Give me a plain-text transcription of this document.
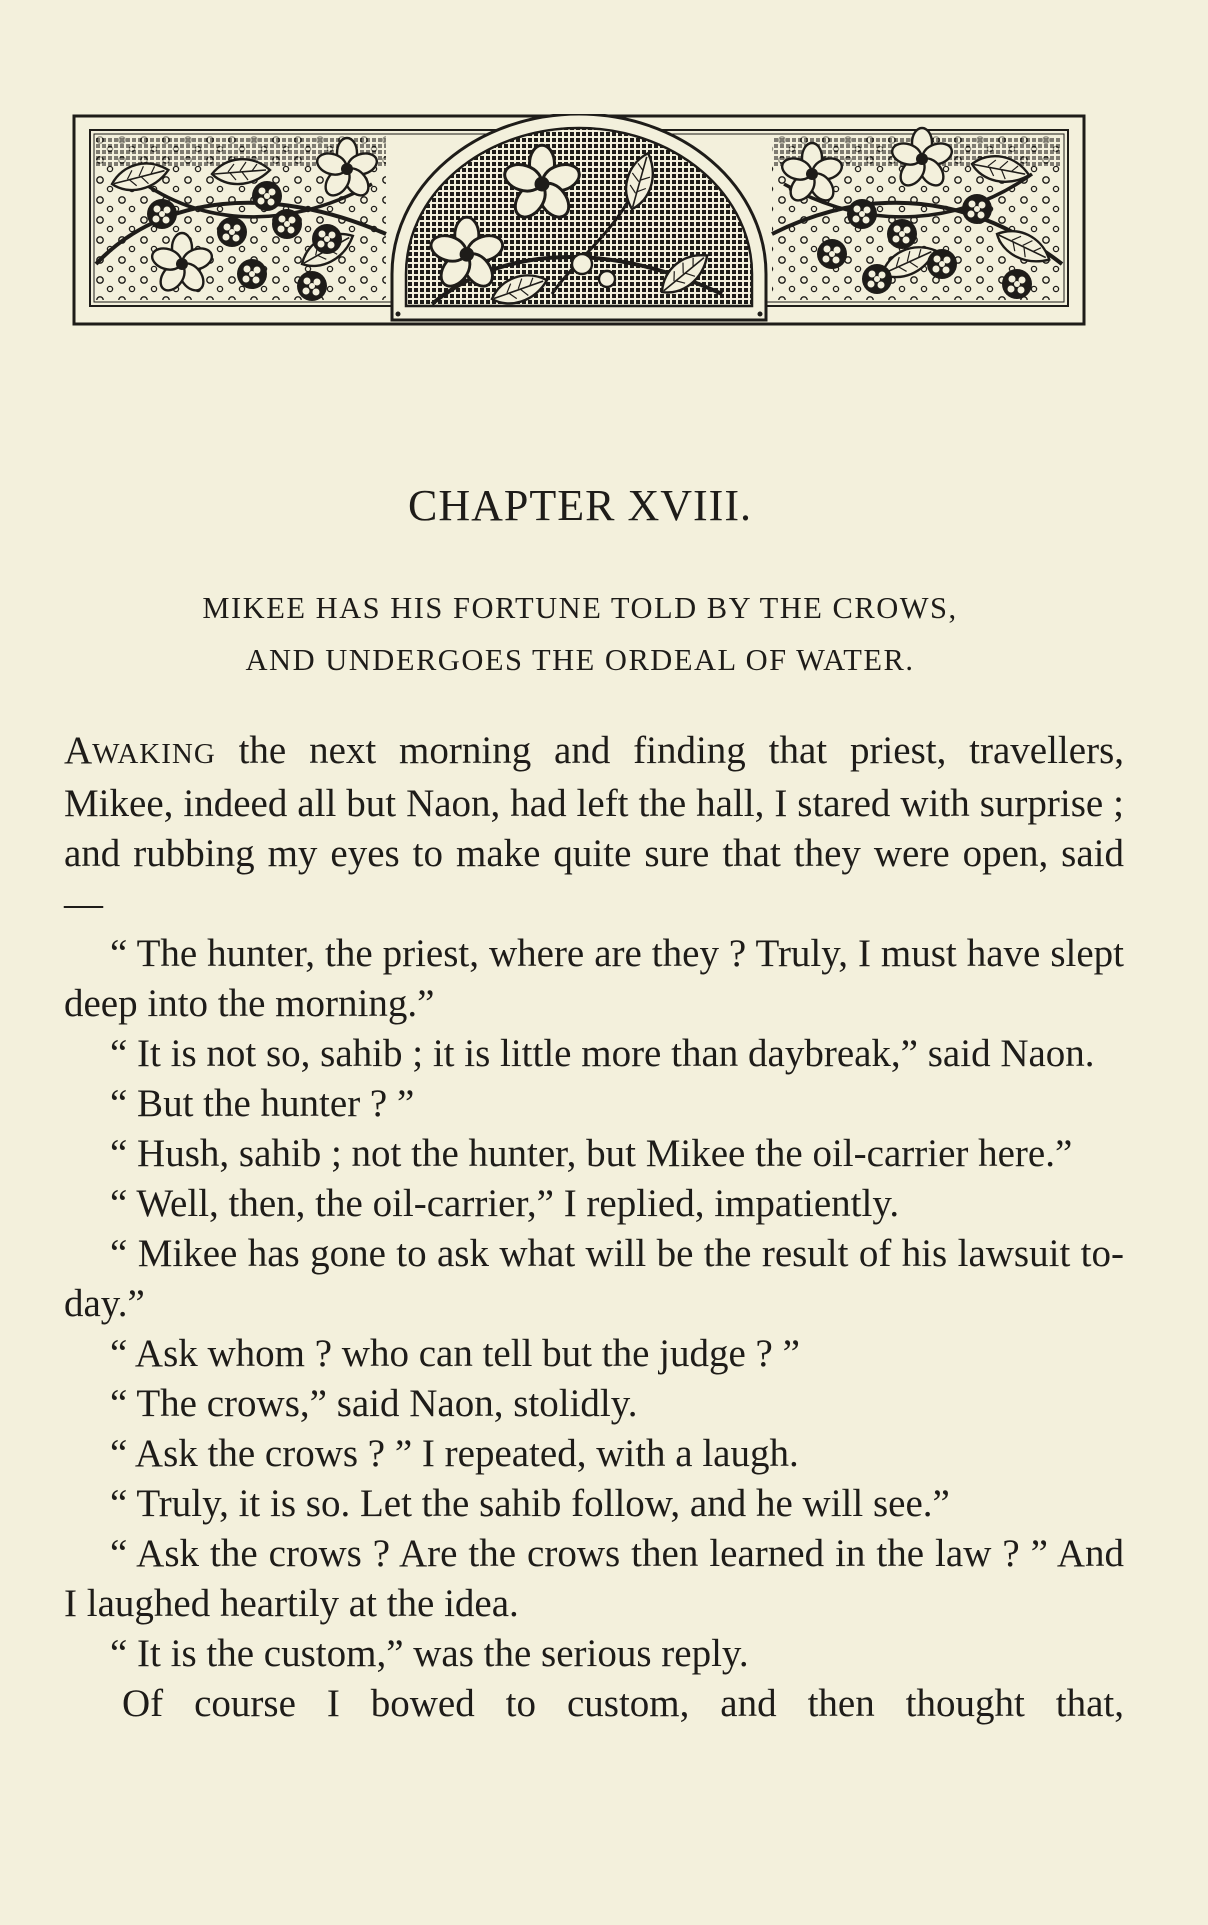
CHAPTER XVIII.
MIKEE HAS HIS FORTUNE TOLD BY THE CROWS,
AND UNDERGOES THE ORDEAL OF WATER.

AWAKING the next morning and finding that priest, travellers, Mikee, indeed all but Naon, had left the hall, I stared with surprise ; and rubbing my eyes to make quite sure that they were open, said—

“ The hunter, the priest, where are they ? Truly, I must have slept deep into the morning.”

“ It is not so, sahib ; it is little more than daybreak,” said Naon.

“ But the hunter ? ”

“ Hush, sahib ; not the hunter, but Mikee the oil-carrier here.”

“ Well, then, the oil-carrier,” I replied, impatiently.

“ Mikee has gone to ask what will be the result of his lawsuit to-day.”

“ Ask whom ? who can tell but the judge ? ”

“ The crows,” said Naon, stolidly.

“ Ask the crows ? ” I repeated, with a laugh.

“ Truly, it is so. Let the sahib follow, and he will see.”

“ Ask the crows ? Are the crows then learned in the law ? ” And I laughed heartily at the idea.

“ It is the custom,” was the serious reply.

Of course I bowed to custom, and then thought that,
